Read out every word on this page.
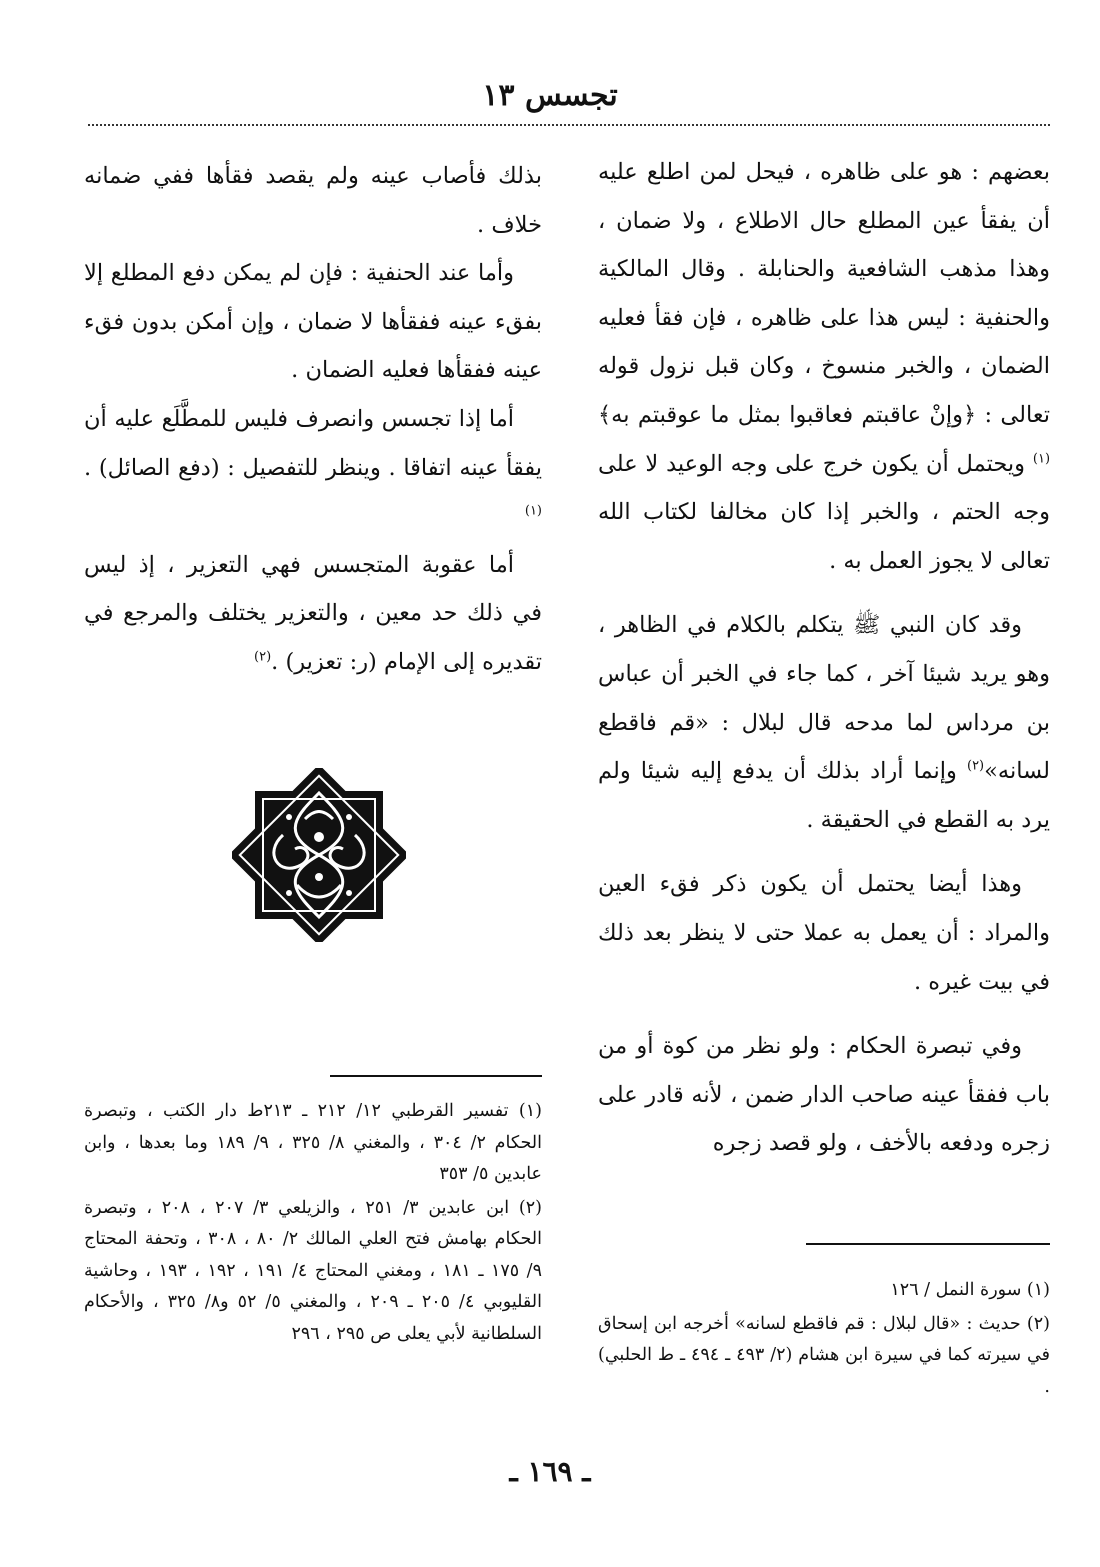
تجسس ١٣

بعضهم : هو على ظاهره ، فيحل لمن اطلع عليه أن يفقأ عين المطلع حال الاطلاع ، ولا ضمان ، وهذا مذهب الشافعية والحنابلة . وقال المالكية والحنفية : ليس هذا على ظاهره ، فإن فقأ فعليه الضمان ، والخبر منسوخ ، وكان قبل نزول قوله تعالى : ﴿وإنْ عاقبتم فعاقبوا بمثل ما عوقبتم به﴾$^{(١)}$ ويحتمل أن يكون خرج على وجه الوعيد لا على وجه الحتم ، والخبر إذا كان مخالفا لكتاب الله تعالى لا يجوز العمل به .

وقد كان النبي ﷺ يتكلم بالكلام في الظاهر ، وهو يريد شيئا آخر ، كما جاء في الخبر أن عباس بن مرداس لما مدحه قال لبلال : «قم فاقطع لسانه»$^{(٢)}$ وإنما أراد بذلك أن يدفع إليه شيئا ولم يرد به القطع في الحقيقة .

وهذا أيضا يحتمل أن يكون ذكر فقء العين والمراد : أن يعمل به عملا حتى لا ينظر بعد ذلك في بيت غيره .

وفي تبصرة الحكام : ولو نظر من كوة أو من باب ففقأ عينه صاحب الدار ضمن ، لأنه قادر على زجره ودفعه بالأخف ، ولو قصد زجره

بذلك فأصاب عينه ولم يقصد فقأها ففي ضمانه خلاف .

وأما عند الحنفية : فإن لم يمكن دفع المطلع إلا بفقء عينه ففقأها لا ضمان ، وإن أمكن بدون فقء عينه ففقأها فعليه الضمان .

أما إذا تجسس وانصرف فليس للمطَّلَع عليه أن يفقأ عينه اتفاقا . وينظر للتفصيل : (دفع الصائل) .$^{(١)}$

أما عقوبة المتجسس فهي التعزير ، إذ ليس في ذلك حد معين ، والتعزير يختلف والمرجع في تقديره إلى الإمام (ر: تعزير) .$^{(٢)}$

(١) تفسير القرطبي ١٢/ ٢١٢ ـ ٢١٣ط دار الكتب ، وتبصرة الحكام ٢/ ٣٠٤ ، والمغني ٨/ ٣٢٥ ، ٩/ ١٨٩ وما بعدها ، وابن عابدين ٥/ ٣٥٣

(٢) ابن عابدين ٣/ ٢٥١ ، والزيلعي ٣/ ٢٠٧ ، ٢٠٨ ، وتبصرة الحكام بهامش فتح العلي المالك ٢/ ٨٠ ، ٣٠٨ ، وتحفة المحتاج ٩/ ١٧٥ ـ ١٨١ ، ومغني المحتاج ٤/ ١٩١ ، ١٩٢ ، ١٩٣ ، وحاشية القليوبي ٤/ ٢٠٥ ـ ٢٠٩ ، والمغني ٥/ ٥٢ و٨/ ٣٢٥ ، والأحكام السلطانية لأبي يعلى ص ٢٩٥ ، ٢٩٦

(١) سورة النمل / ١٢٦

(٢) حديث : «قال لبلال : قم فاقطع لسانه» أخرجه ابن إسحاق في سيرته كما في سيرة ابن هشام (٢/ ٤٩٣ ـ ٤٩٤ ـ ط الحلبي) .

ـ ١٦٩ ـ
